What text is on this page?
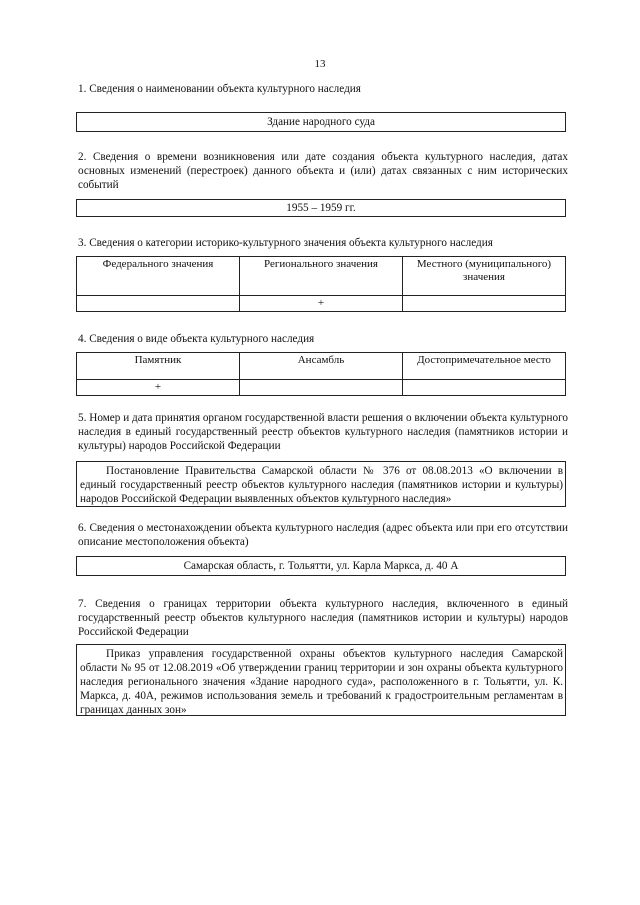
13

1. Сведения о наименовании объекта культурного наследия

Здание народного суда

2. Сведения о времени возникновения или дате создания объекта культурного наследия, датах основных изменений (перестроек) данного объекта и (или) датах связанных с ним исторических событий

1955 – 1959 гг.

3. Сведения о категории историко-культурного значения объекта культурного наследия

Федерального значения	Регионального значения	Местного (муниципального) значения
	+	

4. Сведения о виде объекта культурного наследия

Памятник	Ансамбль	Достопримечательное место
+		

5. Номер и дата принятия органом государственной власти решения о включении объекта культурного наследия в единый государственный реестр объектов культурного наследия (памятников истории и культуры) народов Российской Федерации

Постановление Правительства Самарской области № 376 от 08.08.2013 «О включении в единый государственный реестр объектов культурного наследия (памятников истории и культуры) народов Российской Федерации выявленных объектов культурного наследия»

6. Сведения о местонахождении объекта культурного наследия (адрес объекта или при его отсутствии описание местоположения объекта)

Самарская область, г. Тольятти, ул. Карла Маркса, д. 40 А

7. Сведения о границах территории объекта культурного наследия, включенного в единый государственный реестр объектов культурного наследия (памятников истории и культуры) народов Российской Федерации

Приказ управления государственной охраны объектов культурного наследия Самарской области № 95 от 12.08.2019 «Об утверждении границ территории и зон охраны объекта культурного наследия регионального значения «Здание народного суда», расположенного в г. Тольятти, ул. К. Маркса, д. 40А, режимов использования земель и требований к градостроительным регламентам в границах данных зон»
